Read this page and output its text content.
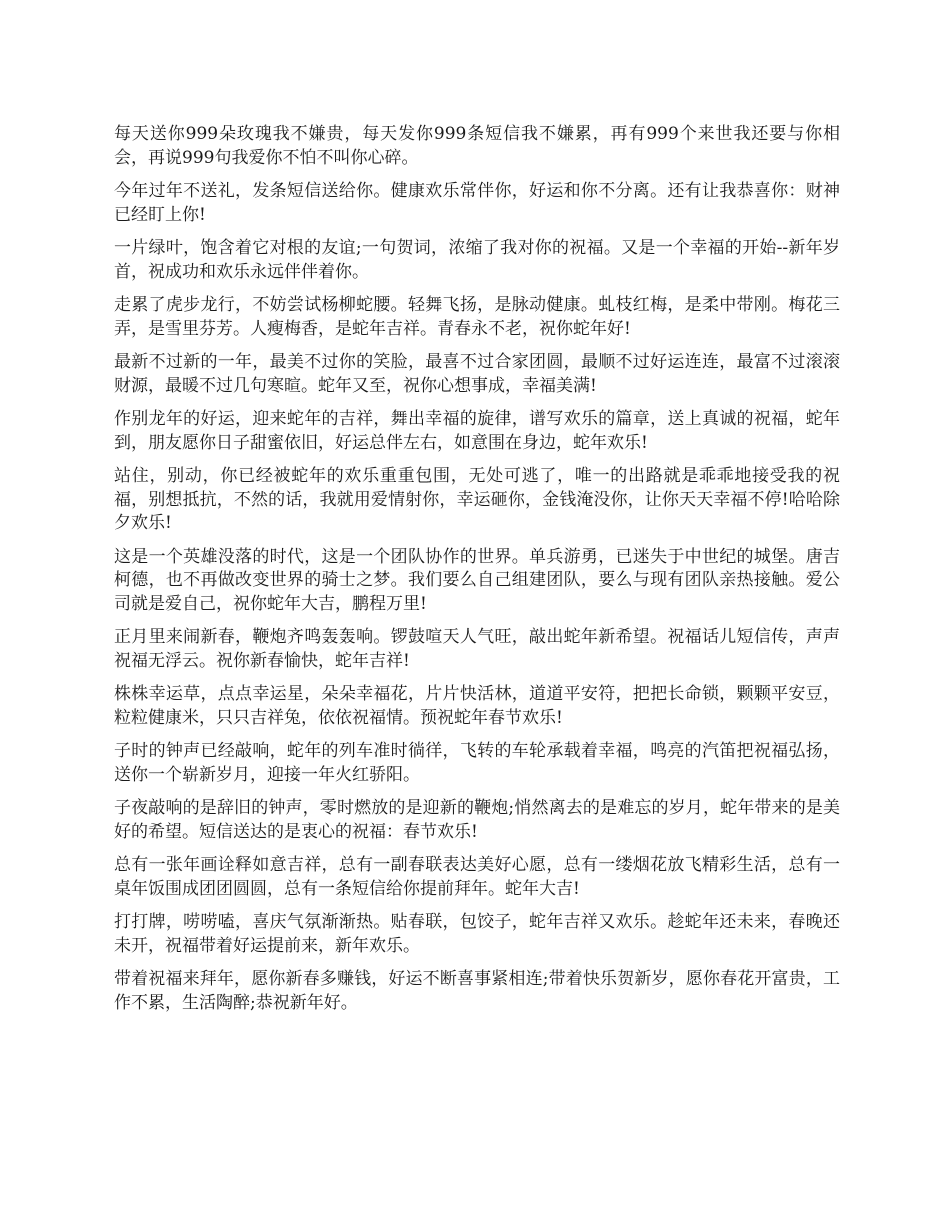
每天送你999朵玫瑰我不嫌贵，每天发你999条短信我不嫌累，再有999个来世我还要与你相会，再说999句我爱你不怕不叫你心碎。

今年过年不送礼，发条短信送给你。健康欢乐常伴你，好运和你不分离。还有让我恭喜你：财神已经盯上你!

一片绿叶，饱含着它对根的友谊;一句贺词，浓缩了我对你的祝福。又是一个幸福的开始--新年岁首，祝成功和欢乐永远伴伴着你。

走累了虎步龙行，不妨尝试杨柳蛇腰。轻舞飞扬，是脉动健康。虬枝红梅，是柔中带刚。梅花三弄，是雪里芬芳。人瘦梅香，是蛇年吉祥。青春永不老，祝你蛇年好!

最新不过新的一年，最美不过你的笑脸，最喜不过合家团圆，最顺不过好运连连，最富不过滚滚财源，最暖不过几句寒暄。蛇年又至，祝你心想事成，幸福美满!

作别龙年的好运，迎来蛇年的吉祥，舞出幸福的旋律，谱写欢乐的篇章，送上真诚的祝福，蛇年到，朋友愿你日子甜蜜依旧，好运总伴左右，如意围在身边，蛇年欢乐!

站住，别动，你已经被蛇年的欢乐重重包围，无处可逃了，唯一的出路就是乖乖地接受我的祝福，别想抵抗，不然的话，我就用爱情射你，幸运砸你，金钱淹没你，让你天天幸福不停!哈哈除夕欢乐!

这是一个英雄没落的时代，这是一个团队协作的世界。单兵游勇，已迷失于中世纪的城堡。唐吉柯德，也不再做改变世界的骑士之梦。我们要么自己组建团队，要么与现有团队亲热接触。爱公司就是爱自己，祝你蛇年大吉，鹏程万里!

正月里来闹新春，鞭炮齐鸣轰轰响。锣鼓喧天人气旺，敲出蛇年新希望。祝福话儿短信传，声声祝福无浮云。祝你新春愉快，蛇年吉祥!

株株幸运草，点点幸运星，朵朵幸福花，片片快活林，道道平安符，把把长命锁，颗颗平安豆，粒粒健康米，只只吉祥兔，依依祝福情。预祝蛇年春节欢乐!

子时的钟声已经敲响，蛇年的列车准时徜徉，飞转的车轮承载着幸福，鸣亮的汽笛把祝福弘扬，送你一个崭新岁月，迎接一年火红骄阳。

子夜敲响的是辞旧的钟声，零时燃放的是迎新的鞭炮;悄然离去的是难忘的岁月，蛇年带来的是美好的希望。短信送达的是衷心的祝福：春节欢乐!

总有一张年画诠释如意吉祥，总有一副春联表达美好心愿，总有一缕烟花放飞精彩生活，总有一桌年饭围成团团圆圆，总有一条短信给你提前拜年。蛇年大吉!

打打牌，唠唠嗑，喜庆气氛渐渐热。贴春联，包饺子，蛇年吉祥又欢乐。趁蛇年还未来，春晚还未开，祝福带着好运提前来，新年欢乐。

带着祝福来拜年，愿你新春多赚钱，好运不断喜事紧相连;带着快乐贺新岁，愿你春花开富贵，工作不累，生活陶醉;恭祝新年好。
